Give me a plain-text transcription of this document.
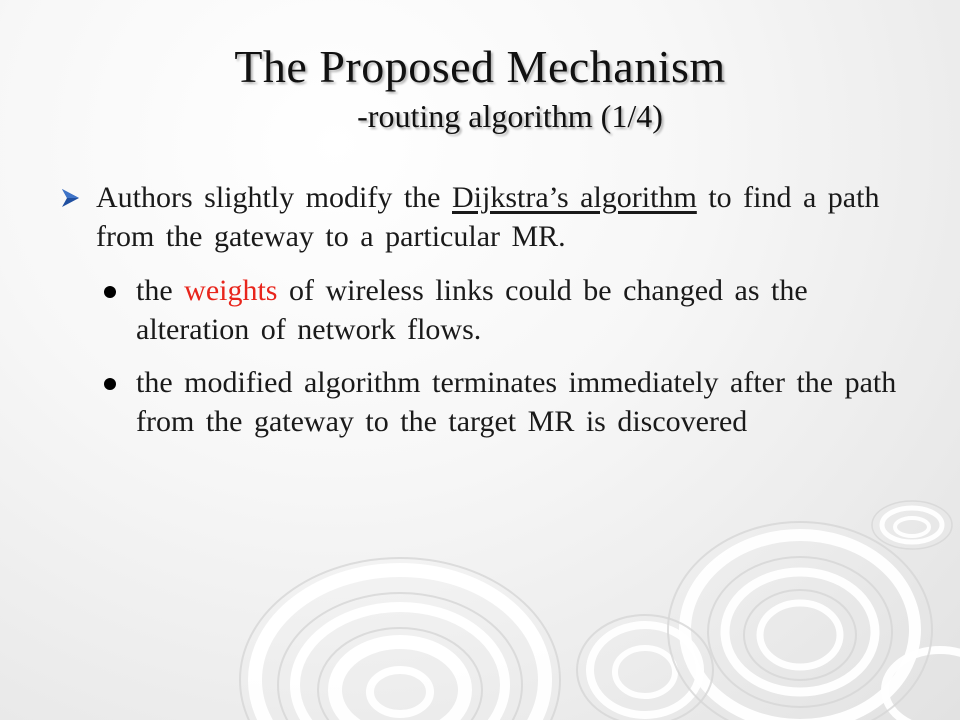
The Proposed Mechanism
-routing algorithm (1/4)
Authors slightly modify the Dijkstra’s algorithm to find a path from the gateway to a particular MR.
the weights of wireless links could be changed as the alteration of network flows.
the modified algorithm terminates immediately after the path from the gateway to the target MR is discovered
